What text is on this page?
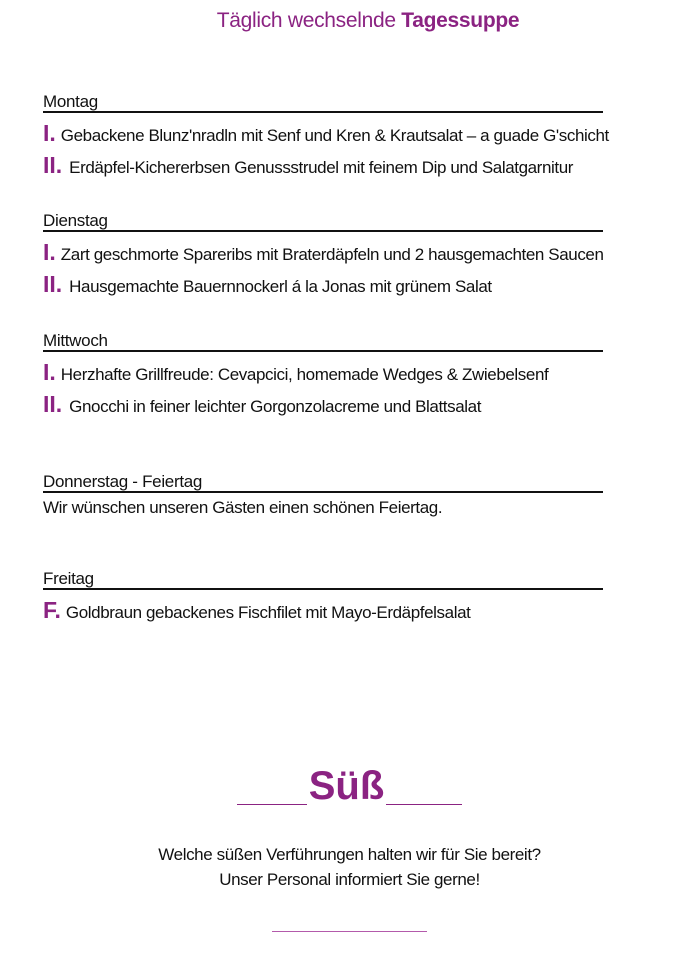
Täglich wechselnde Tagessuppe
Montag
I. Gebackene Blunz'nradln mit Senf und Kren & Krautsalat – a guade G'schicht
II. Erdäpfel-Kichererbsen Genussstrudel mit feinem Dip und Salatgarnitur
Dienstag
I. Zart geschmorte Spareribs mit Braterdäpfeln und 2 hausgemachten Saucen
II. Hausgemachte Bauernnockerl á la Jonas mit grünem Salat
Mittwoch
I. Herzhafte Grillfreude: Cevapcici, homemade Wedges & Zwiebelsenf
II. Gnocchi in feiner leichter Gorgonzolacreme und Blattsalat
Donnerstag - Feiertag
Wir wünschen unseren Gästen einen schönen Feiertag.
Freitag
F. Goldbraun gebackenes Fischfilet mit Mayo-Erdäpfelsalat
Süß
Welche süßen Verführungen halten wir für Sie bereit?
Unser Personal informiert Sie gerne!
